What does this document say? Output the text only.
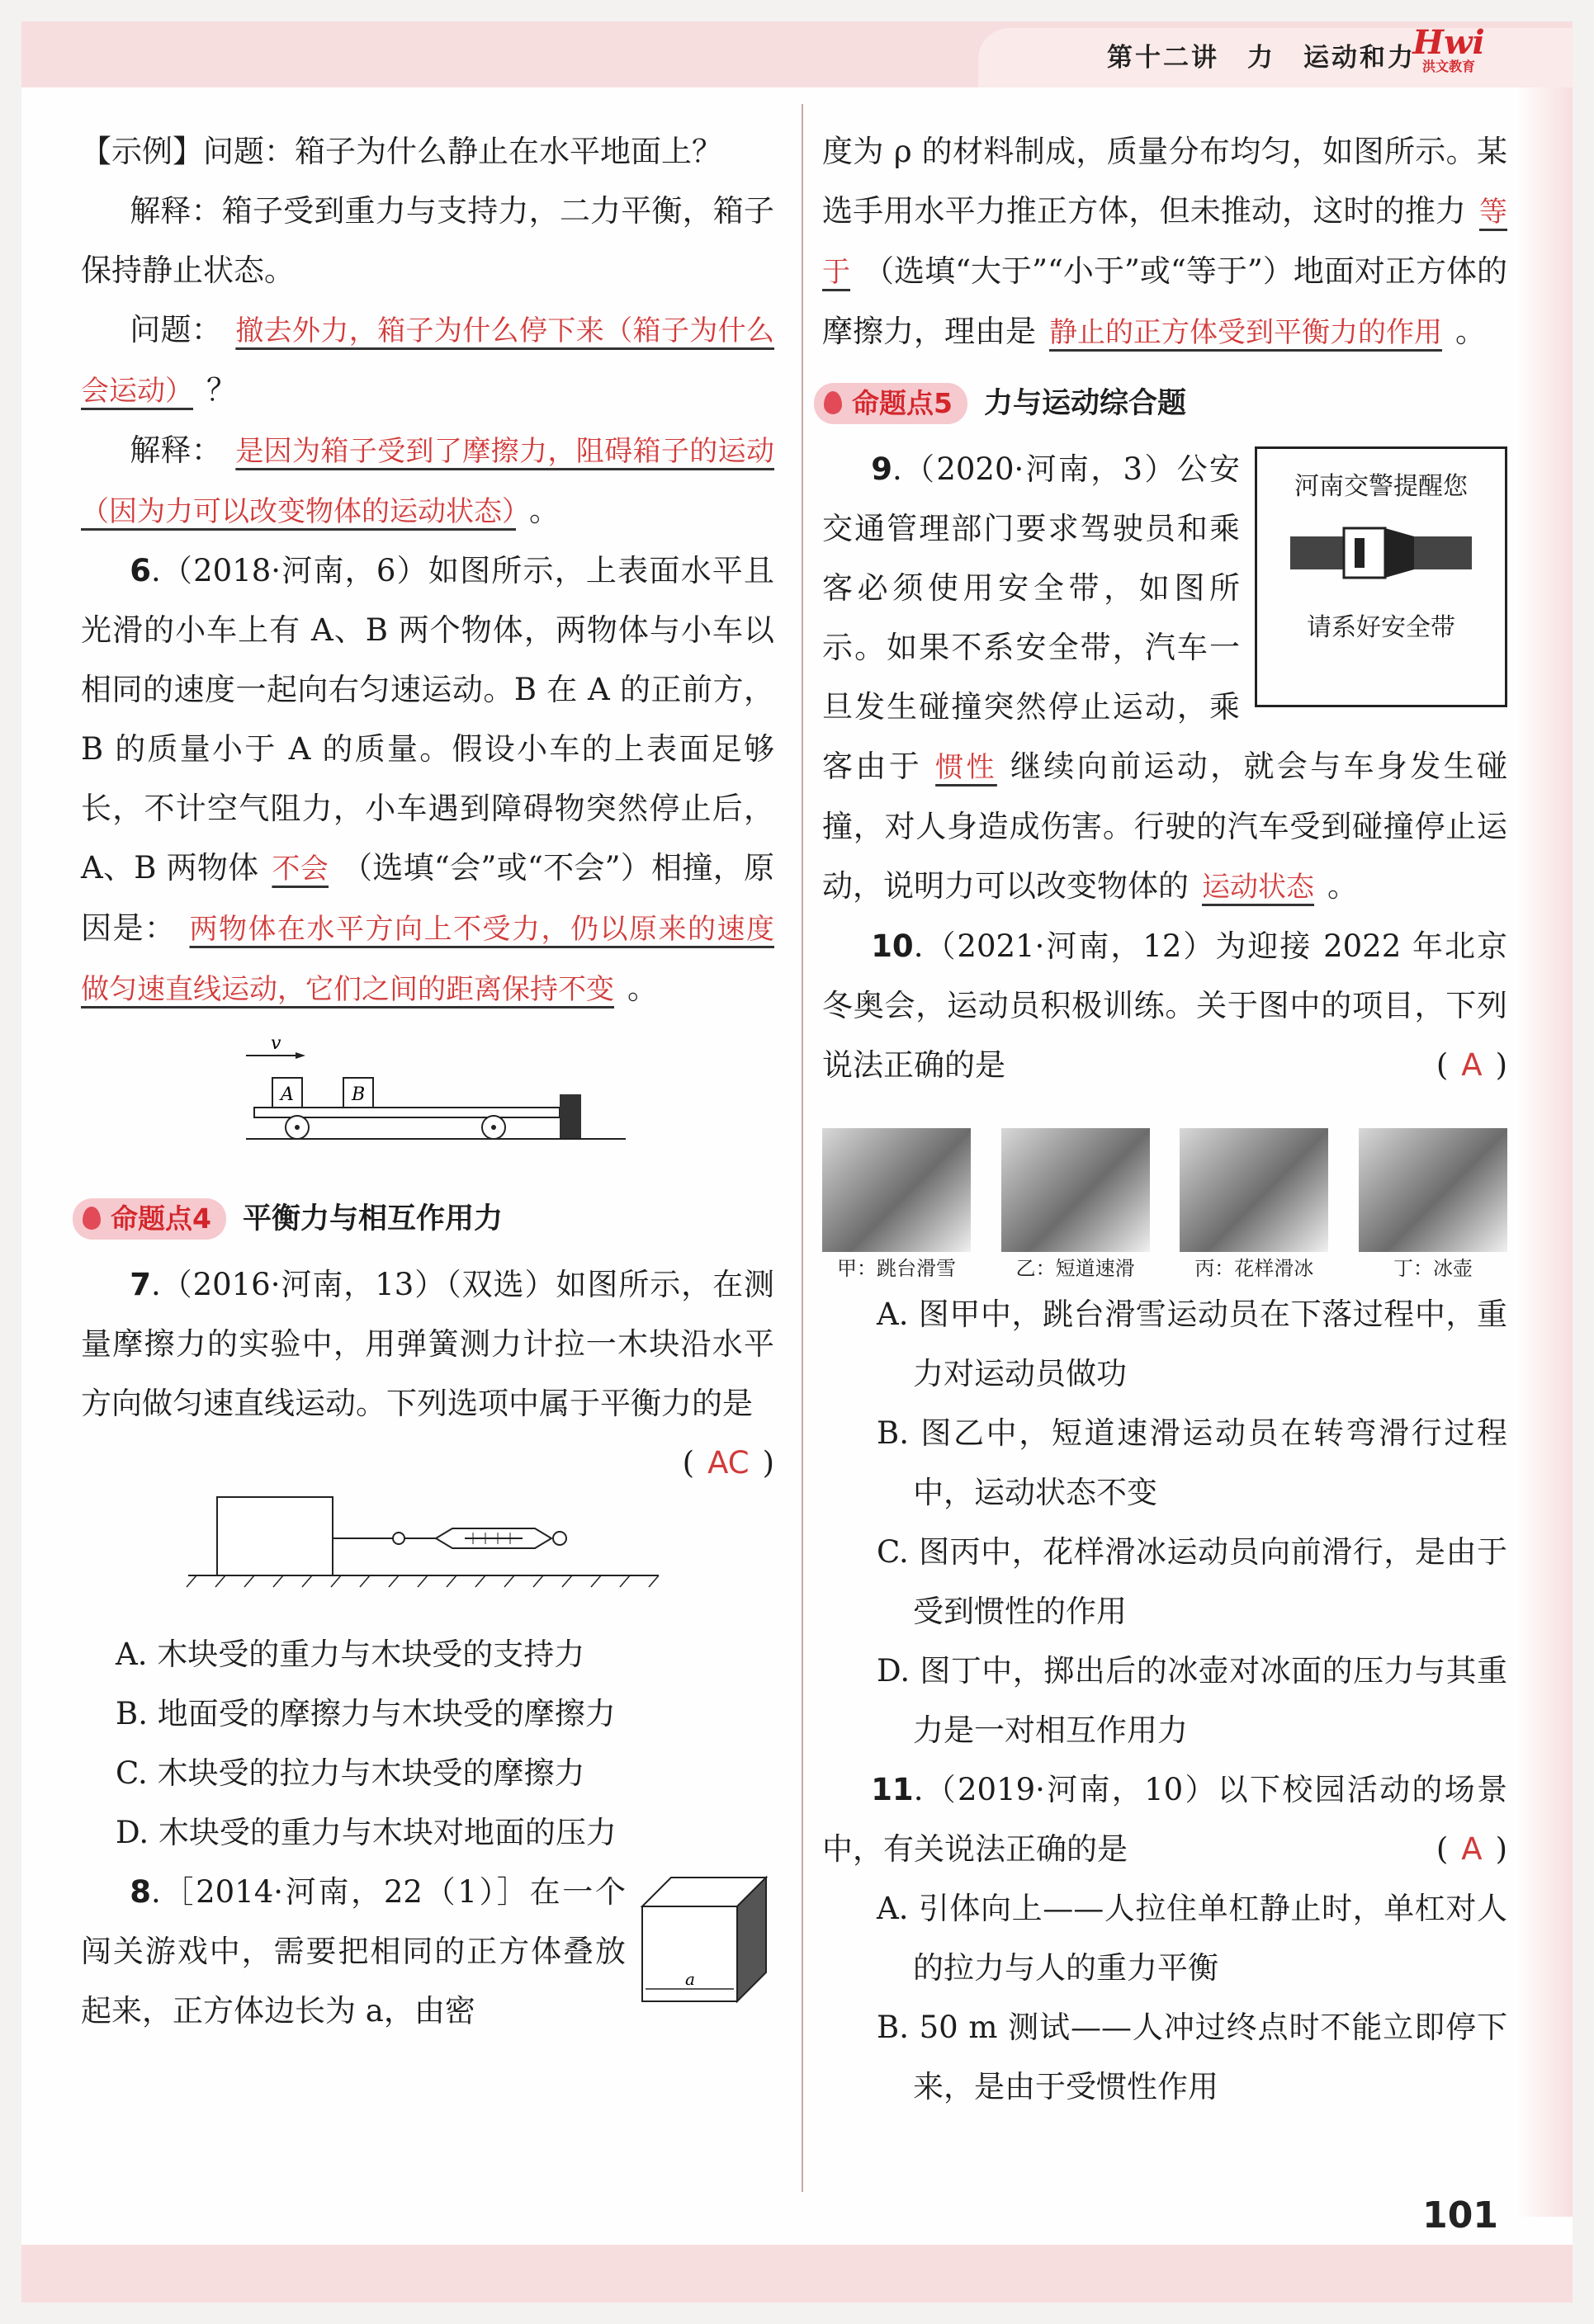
第十二讲　力　运动和力
Hwi
洪文教育
101

【示例】问题：箱子为什么静止在水平地面上？

解释：箱子受到重力与支持力，二力平衡，箱子保持静止状态。

问题： 撤去外力，箱子为什么停下来（箱子为什么会运动） ？

解释： 是因为箱子受到了摩擦力，阻碍箱子的运动（因为力可以改变物体的运动状态） 。

6.（2018·河南，6）如图所示，上表面水平且光滑的小车上有 A、B 两个物体，两物体与小车以相同的速度一起向右匀速运动。B 在 A 的正前方，B 的质量小于 A 的质量。假设小车的上表面足够长，不计空气阻力，小车遇到障碍物突然停止后，A、B 两物体 不会 （选填“会”或“不会”）相撞，原因是： 两物体在水平方向上不受力，仍以原来的速度做匀速直线运动，它们之间的距离保持不变 。

v
A	B
命题点4	平衡力与相互作用力

7.（2016·河南，13）（双选）如图所示，在测量摩擦力的实验中，用弹簧测力计拉一木块沿水平方向做匀速直线运动。下列选项中属于平衡力的是
( AC )

A. 木块受的重力与木块受的支持力

B. 地面受的摩擦力与木块受的摩擦力

C. 木块受的拉力与木块受的摩擦力

D. 木块受的重力与木块对地面的压力

a

8.［2014·河南，22（1）］在一个闯关游戏中，需要把相同的正方体叠放起来，正方体边长为 a，由密

度为 ρ 的材料制成，质量分布均匀，如图所示。某选手用水平力推正方体，但未推动，这时的推力 等于 （选填“大于”“小于”或“等于”）地面对正方体的摩擦力，理由是 静止的正方体受到平衡力的作用 。

命题点5	力与运动综合题
河南交警提醒您
请系好安全带

9.（2020·河南，3）公安交通管理部门要求驾驶员和乘客必须使用安全带，如图所示。如果不系安全带，汽车一旦发生碰撞突然停止运动，乘客由于 惯性 继续向前运动，就会与车身发生碰撞，对人身造成伤害。行驶的汽车受到碰撞停止运动，说明力可以改变物体的 运动状态 。

10.（2021·河南，12）为迎接 2022 年北京冬奥会，运动员积极训练。关于图中的项目，下列说法正确的是	( A )

甲：跳台滑雪	乙：短道速滑	丙：花样滑冰	丁：冰壶

A. 图甲中，跳台滑雪运动员在下落过程中，重力对运动员做功

B. 图乙中，短道速滑运动员在转弯滑行过程中，运动状态不变

C. 图丙中，花样滑冰运动员向前滑行，是由于受到惯性的作用

D. 图丁中，掷出后的冰壶对冰面的压力与其重力是一对相互作用力

11.（2019·河南，10）以下校园活动的场景中，有关说法正确的是	( A )

A. 引体向上——人拉住单杠静止时，单杠对人的拉力与人的重力平衡

B. 50 m 测试——人冲过终点时不能立即停下来，是由于受惯性作用
